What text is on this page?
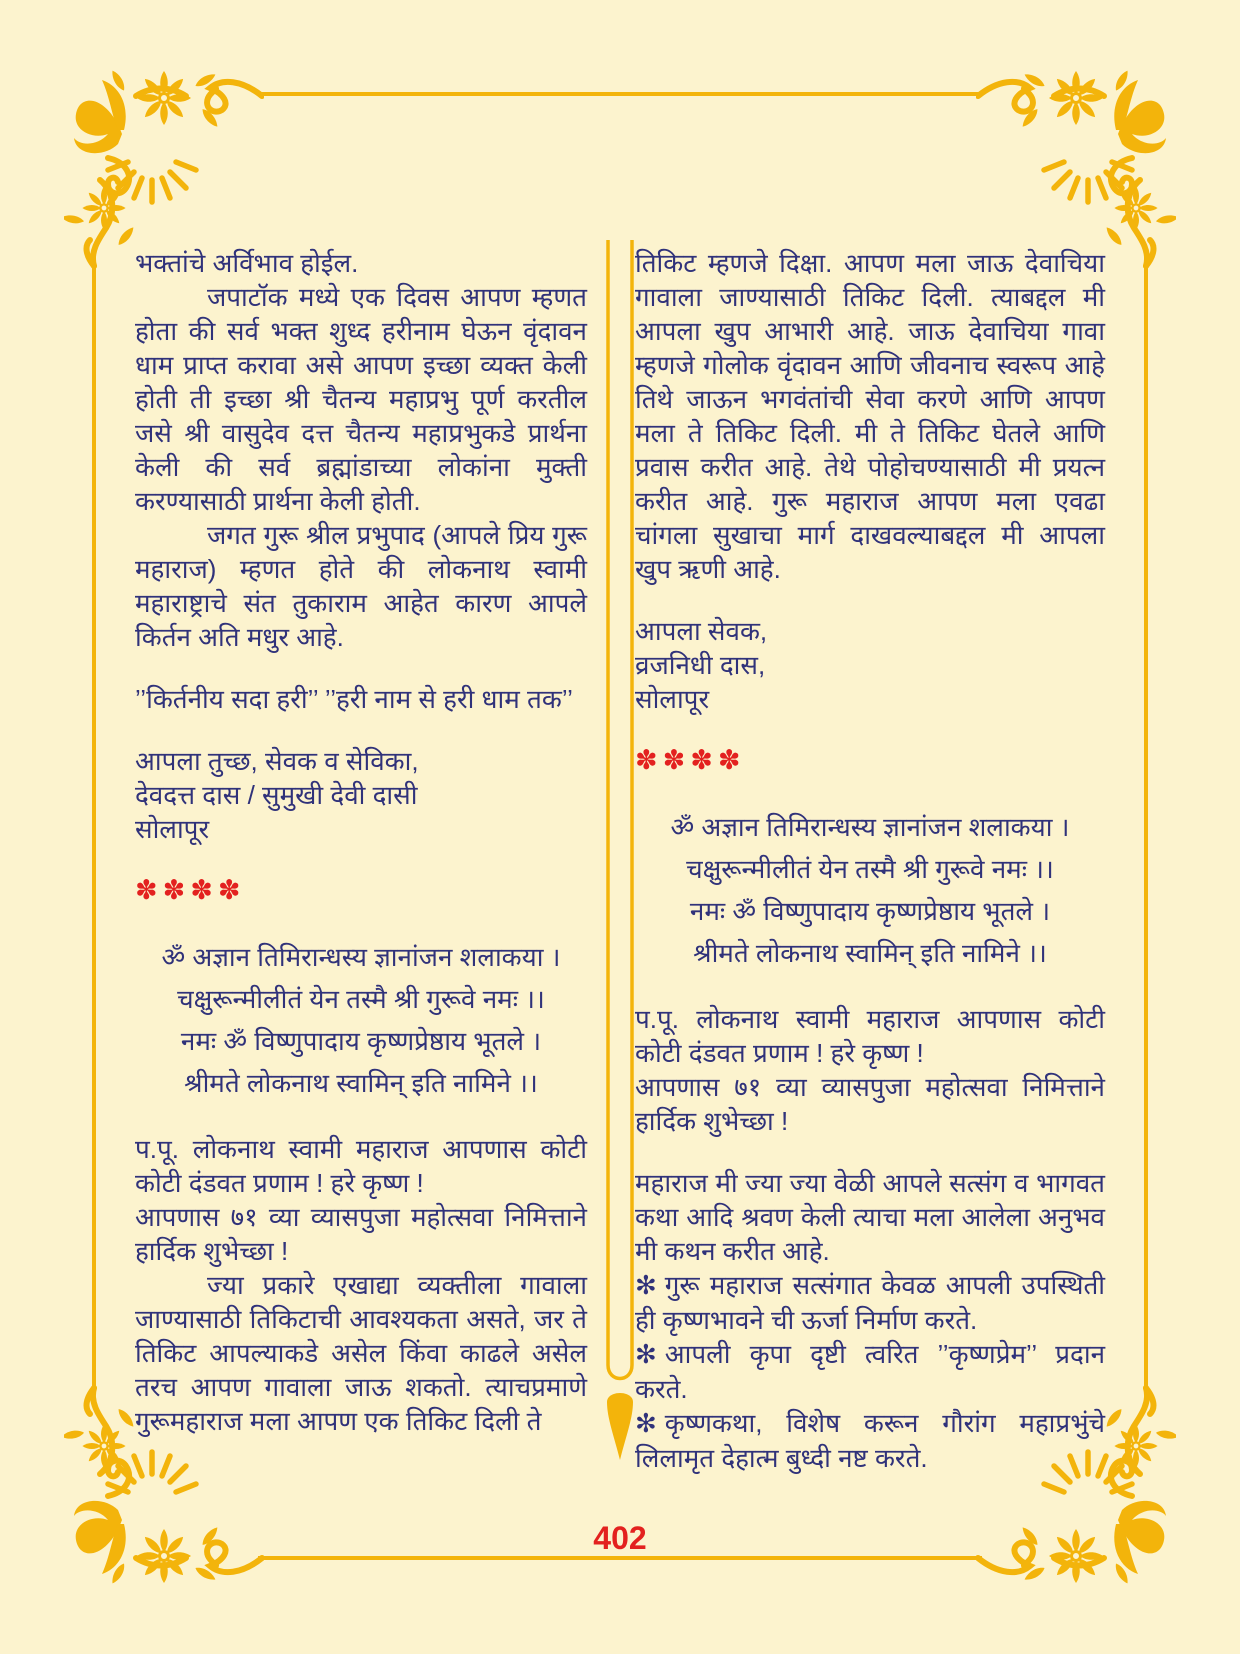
भक्तांचे अर्विभाव होईल.

जपाटॉक मध्ये एक दिवस आपण म्हणत होता की सर्व भक्त शुध्द हरीनाम घेऊन वृंदावन धाम प्राप्त करावा असे आपण इच्छा व्यक्त केली होती ती इच्छा श्री चैतन्य महाप्रभु पूर्ण करतील जसे श्री वासुदेव दत्त चैतन्य महाप्रभुकडे प्रार्थना केली की सर्व ब्रह्मांडाच्या लोकांना मुक्ती करण्यासाठी प्रार्थना केली होती.

जगत गुरू श्रील प्रभुपाद (आपले प्रिय गुरू महाराज) म्हणत होते की लोकनाथ स्वामी महाराष्ट्राचे संत तुकाराम आहेत कारण आपले किर्तन अति मधुर आहे.

’’किर्तनीय सदा हरी’’ ’’हरी नाम से हरी धाम तक’’

आपला तुच्छ, सेवक व सेविका,

देवदत्त दास / सुमुखी देवी दासी

सोलापूर

✽✽✽✽

ॐ अज्ञान तिमिरान्धस्य ज्ञानांजन शलाकया ।
चक्षुरून्मीलीतं येन तस्मै श्री गुरूवे नमः ।।
नमः ॐ विष्णुपादाय कृष्णप्रेष्ठाय भूतले ।
श्रीमते लोकनाथ स्वामिन् इति नामिने ।।

प.पू. लोकनाथ स्वामी महाराज आपणास कोटी कोटी दंडवत प्रणाम ! हरे कृष्ण !

आपणास ७१ व्या व्यासपुजा महोत्सवा निमित्ताने हार्दिक शुभेच्छा !

ज्या प्रकारे एखाद्या व्यक्तीला गावाला जाण्यासाठी तिकिटाची आवश्यकता असते, जर ते तिकिट आपल्याकडे असेल किंवा काढले असेल तरच आपण गावाला जाऊ शकतो. त्याचप्रमाणे गुरूमहाराज मला आपण एक तिकिट दिली ते

तिकिट म्हणजे दिक्षा. आपण मला जाऊ देवाचिया गावाला जाण्यासाठी तिकिट दिली. त्याबद्दल मी आपला खुप आभारी आहे. जाऊ देवाचिया गावा म्हणजे गोलोक वृंदावन आणि जीवनाच स्वरूप आहे तिथे जाऊन भगवंतांची सेवा करणे आणि आपण मला ते तिकिट दिली. मी ते तिकिट घेतले आणि प्रवास करीत आहे. तेथे पोहोचण्यासाठी मी प्रयत्न करीत आहे. गुरू महाराज आपण मला एवढा चांगला सुखाचा मार्ग दाखवल्याबद्दल मी आपला खुप ऋणी आहे.

आपला सेवक,

व्रजनिधी दास,

सोलापूर

✽✽✽✽

ॐ अज्ञान तिमिरान्धस्य ज्ञानांजन शलाकया ।
चक्षुरून्मीलीतं येन तस्मै श्री गुरूवे नमः ।।
नमः ॐ विष्णुपादाय कृष्णप्रेष्ठाय भूतले ।
श्रीमते लोकनाथ स्वामिन् इति नामिने ।।

प.पू. लोकनाथ स्वामी महाराज आपणास कोटी कोटी दंडवत प्रणाम ! हरे कृष्ण !

आपणास ७१ व्या व्यासपुजा महोत्सवा निमित्ताने हार्दिक शुभेच्छा !

महाराज मी ज्या ज्या वेळी आपले सत्संग व भागवत कथा आदि श्रवण केली त्याचा मला आलेला अनुभव मी कथन करीत आहे.

✻ गुरू महाराज सत्संगात केवळ आपली उपस्थिती ही कृष्णभावने ची ऊर्जा निर्माण करते.

✻ आपली कृपा दृष्टी त्वरित ’’कृष्णप्रेम’’ प्रदान करते.

✻ कृष्णकथा, विशेष करून गौरांग महाप्रभुंचे लिलामृत देहात्म बुध्दी नष्ट करते.

402
